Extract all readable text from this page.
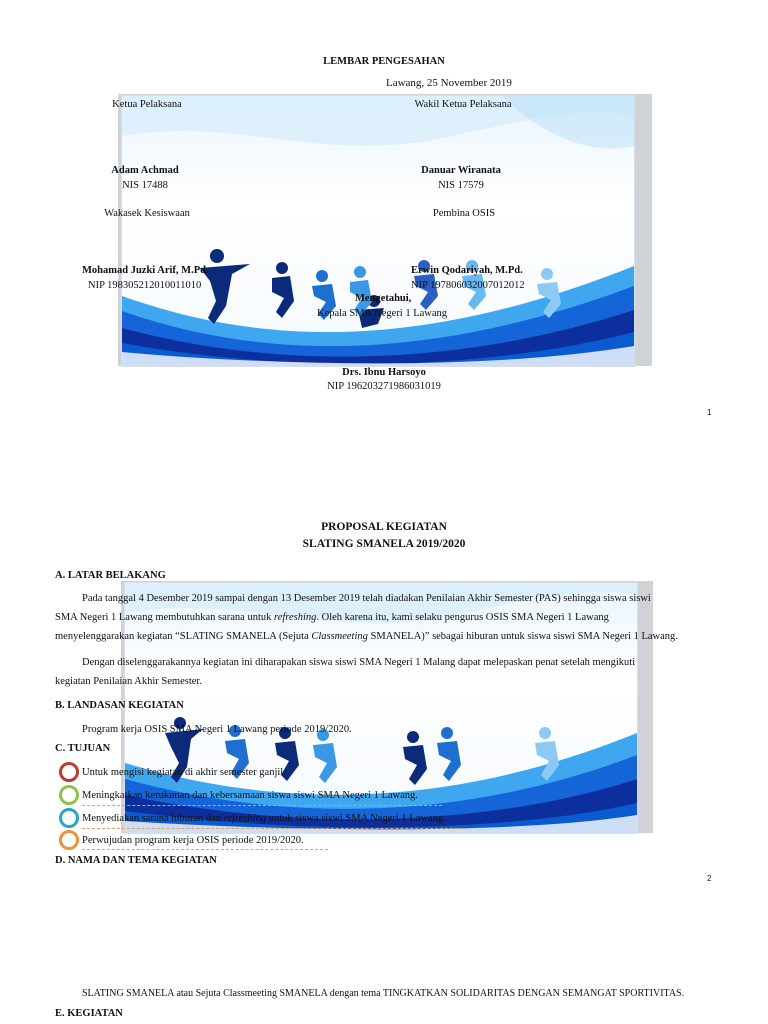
LEMBAR PENGESAHAN
Lawang, 25 November 2019
Ketua Pelaksana	Wakil Ketua Pelaksana
Adam Achmad
NIS 17488
Danuar Wiranata
NIS 17579
Wakasek Kesiswaan	Pembina OSIS
Mohamad Juzki Arif, M.Pd.
NIP 198305212010011010
Erwin Qodariyah, M.Pd.
NIP 197806032007012012
Mengetahui,
Kepala SMA Negeri 1 Lawang
Drs. Ibnu Harsoyo
NIP 196203271986031019
1
PROPOSAL KEGIATAN
SLATING SMANELA 2019/2020
A. LATAR BELAKANG
Pada tanggal 4 Desember 2019 sampai dengan 13 Desember 2019 telah diadakan Penilaian Akhir Semester (PAS) sehingga siswa siswi
SMA Negeri 1 Lawang membutuhkan sarana untuk refreshing. Oleh karena itu, kami selaku pengurus OSIS SMA Negeri 1 Lawang
menyelenggarakan kegiatan “SLATING SMANELA (Sejuta Classmeeting SMANELA)” sebagai hiburan untuk siswa siswi SMA Negeri 1 Lawang.
Dengan diselenggarakannya kegiatan ini diharapakan siswa siswi SMA Negeri 1 Malang dapat melepaskan penat setelah mengikuti
kegiatan Penilaian Akhir Semester.
B. LANDASAN KEGIATAN
Program kerja OSIS SMA Negeri 1 Lawang periode 2019/2020.
C. TUJUAN
Untuk mengisi kegiatan di akhir semester ganjil.
Meningkatkan kerukunan dan kebersamaan siswa siswi SMA Negeri 1 Lawang.
Menyediakan sarana hiburan dan refreshing untuk siswa siswi SMA Negeri 1 Lawang.
Perwujudan program kerja OSIS periode 2019/2020.
D. NAMA DAN TEMA KEGIATAN
2
SLATING SMANELA atau Sejuta Classmeeting SMANELA dengan tema TINGKATKAN SOLIDARITAS DENGAN SEMANGAT SPORTIVITAS.
E. KEGIATAN
